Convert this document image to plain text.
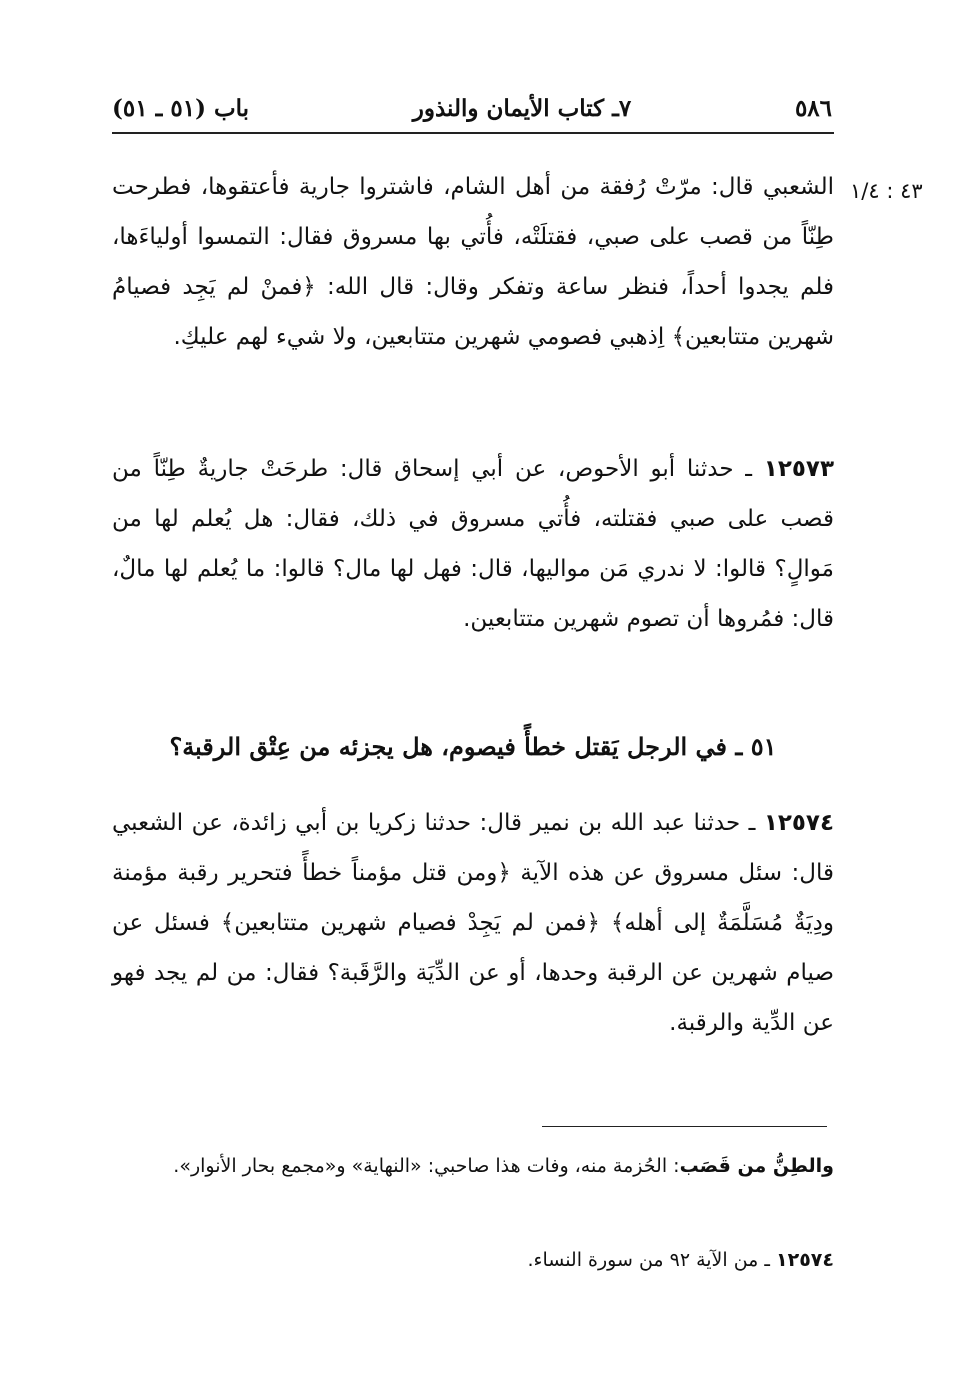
٥٨٦
٧ـ كتاب الأيمان والنذور
باب (٥١ ـ ٥١)
٤٣ : ١/٤

الشعبي قال: مرّتْ رُفقة من أهل الشام، فاشتروا جارية فأعتقوها، فطرحت طِنّاً من قصب على صبي، فقتلَتْه، فأُتي بها مسروق فقال: التمسوا أولياءَها، فلم يجدوا أحداً، فنظر ساعة وتفكر وقال: قال الله: ﴿فمنْ لم يَجِد فصيامُ شهرين متتابعين﴾ اِذهبي فصومي شهرين متتابعين، ولا شيء لهم عليكِ.

١٢٥٧٣ ـ حدثنا أبو الأحوص، عن أبي إسحاق قال: طرحَتْ جاريةٌ طِنّاً من قصب على صبي فقتلته، فأُتي مسروق في ذلك، فقال: هل يُعلم لها من مَوالٍ؟ قالوا: لا ندري مَن مواليها، قال: فهل لها مال؟ قالوا: ما يُعلم لها مالٌ، قال: فمُروها أن تصوم شهرين متتابعين.

٥١ ـ في الرجل يَقتل خطأً فيصوم، هل يجزئه من عِتْق الرقبة؟

١٢٥٧٤ ـ حدثنا عبد الله بن نمير قال: حدثنا زكريا بن أبي زائدة، عن الشعبي قال: سئل مسروق عن هذه الآية ﴿ومن قتل مؤمناً خطأً فتحرير رقبة مؤمنة ودِيَةٌ مُسَلَّمَةٌ إلى أهله﴾ ﴿فمن لم يَجِدْ فصيام شهرين متتابعين﴾ فسئل عن صيام شهرين عن الرقبة وحدها، أو عن الدِّيَة والرَّقَبة؟ فقال: من لم يجد فهو عن الدِّية والرقبة.

والطِنُّ من قَصَب: الحُزمة منه، وفات هذا صاحبي: «النهاية» و«مجمع بحار الأنوار».

١٢٥٧٤ ـ من الآية ٩٢ من سورة النساء.
